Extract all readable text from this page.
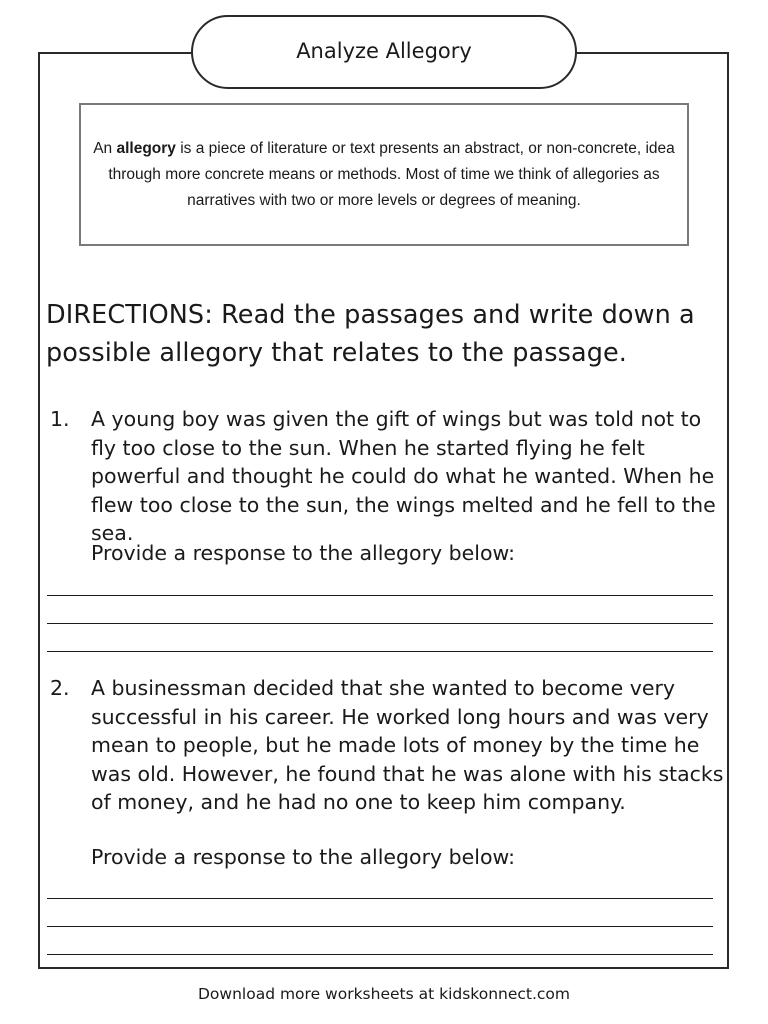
Analyze Allegory

An allegory is a piece of literature or text presents an abstract, or non-concrete, idea through more concrete means or methods. Most of time we think of allegories as narratives with two or more levels or degrees of meaning.

DIRECTIONS: Read the passages and write down a possible allegory that relates to the passage.

1. A young boy was given the gift of wings but was told not to fly too close to the sun. When he started flying he felt powerful and thought he could do what he wanted. When he flew too close to the sun, the wings melted and he fell to the sea.

Provide a response to the allegory below:
2. A businessman decided that she wanted to become very successful in his career. He worked long hours and was very mean to people, but he made lots of money by the time he was old. However, he found that he was alone with his stacks of money, and he had no one to keep him company.

Provide a response to the allegory below:
Download more worksheets at kidskonnect.com
